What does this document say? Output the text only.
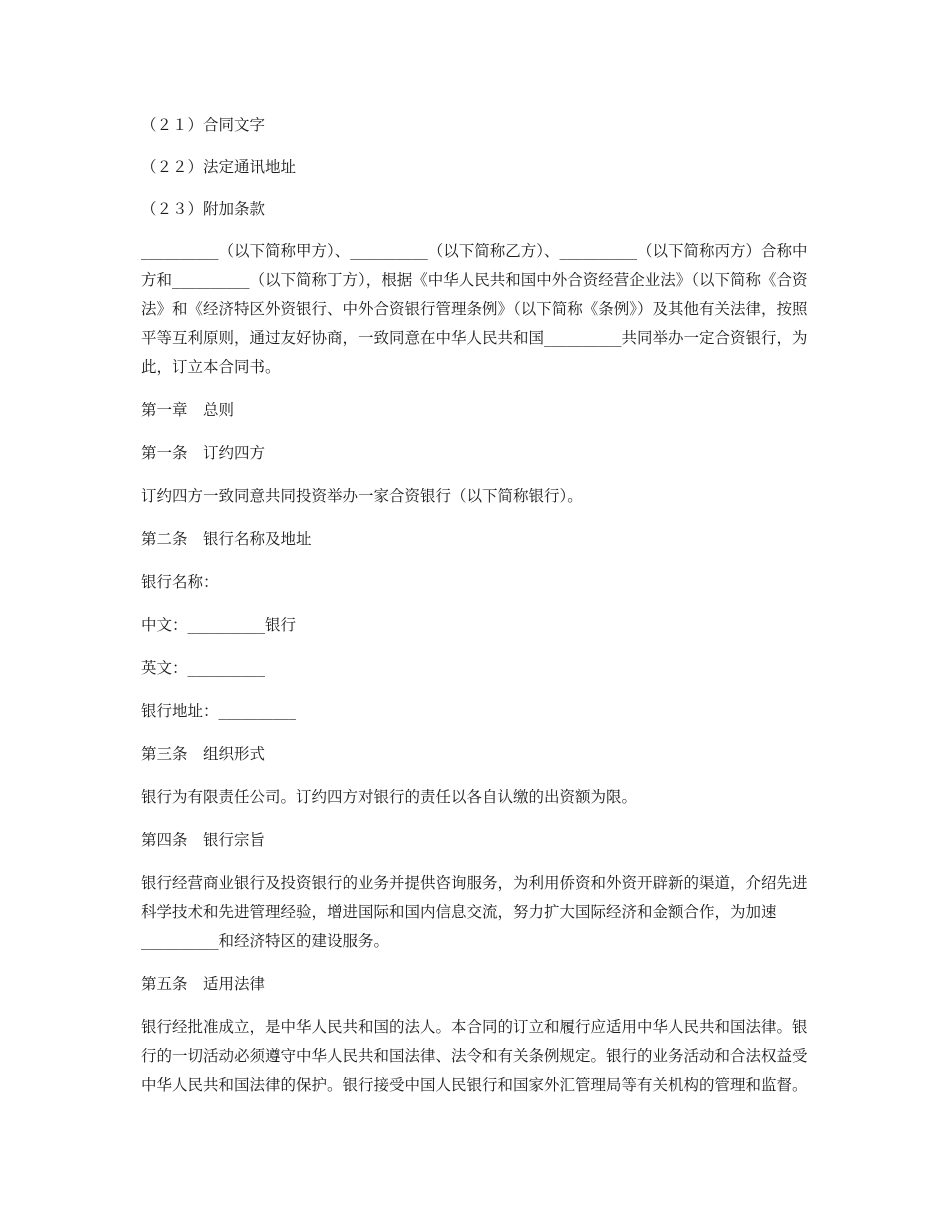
（２１）合同文字

（２２）法定通讯地址

（２３）附加条款

__________（以下简称甲方）、__________（以下简称乙方）、__________（以下简称丙方）合称中方和__________（以下简称丁方），根据《中华人民共和国中外合资经营企业法》（以下简称《合资法》和《经济特区外资银行、中外合资银行管理条例》（以下简称《条例》）及其他有关法律，按照平等互利原则，通过友好协商，一致同意在中华人民共和国__________共同举办一定合资银行，为此，订立本合同书。

第一章　总则

第一条　订约四方

订约四方一致同意共同投资举办一家合资银行（以下简称银行）。

第二条　银行名称及地址

银行名称：

中文：__________银行

英文：__________

银行地址：__________

第三条　组织形式

银行为有限责任公司。订约四方对银行的责任以各自认缴的出资额为限。

第四条　银行宗旨

银行经营商业银行及投资银行的业务并提供咨询服务，为利用侨资和外资开辟新的渠道，介绍先进科学技术和先进管理经验，增进国际和国内信息交流，努力扩大国际经济和金额合作，为加速__________和经济特区的建设服务。

第五条　适用法律

银行经批准成立，是中华人民共和国的法人。本合同的订立和履行应适用中华人民共和国法律。银行的一切活动必须遵守中华人民共和国法律、法令和有关条例规定。银行的业务活动和合法权益受中华人民共和国法律的保护。银行接受中国人民银行和国家外汇管理局等有关机构的管理和监督。
